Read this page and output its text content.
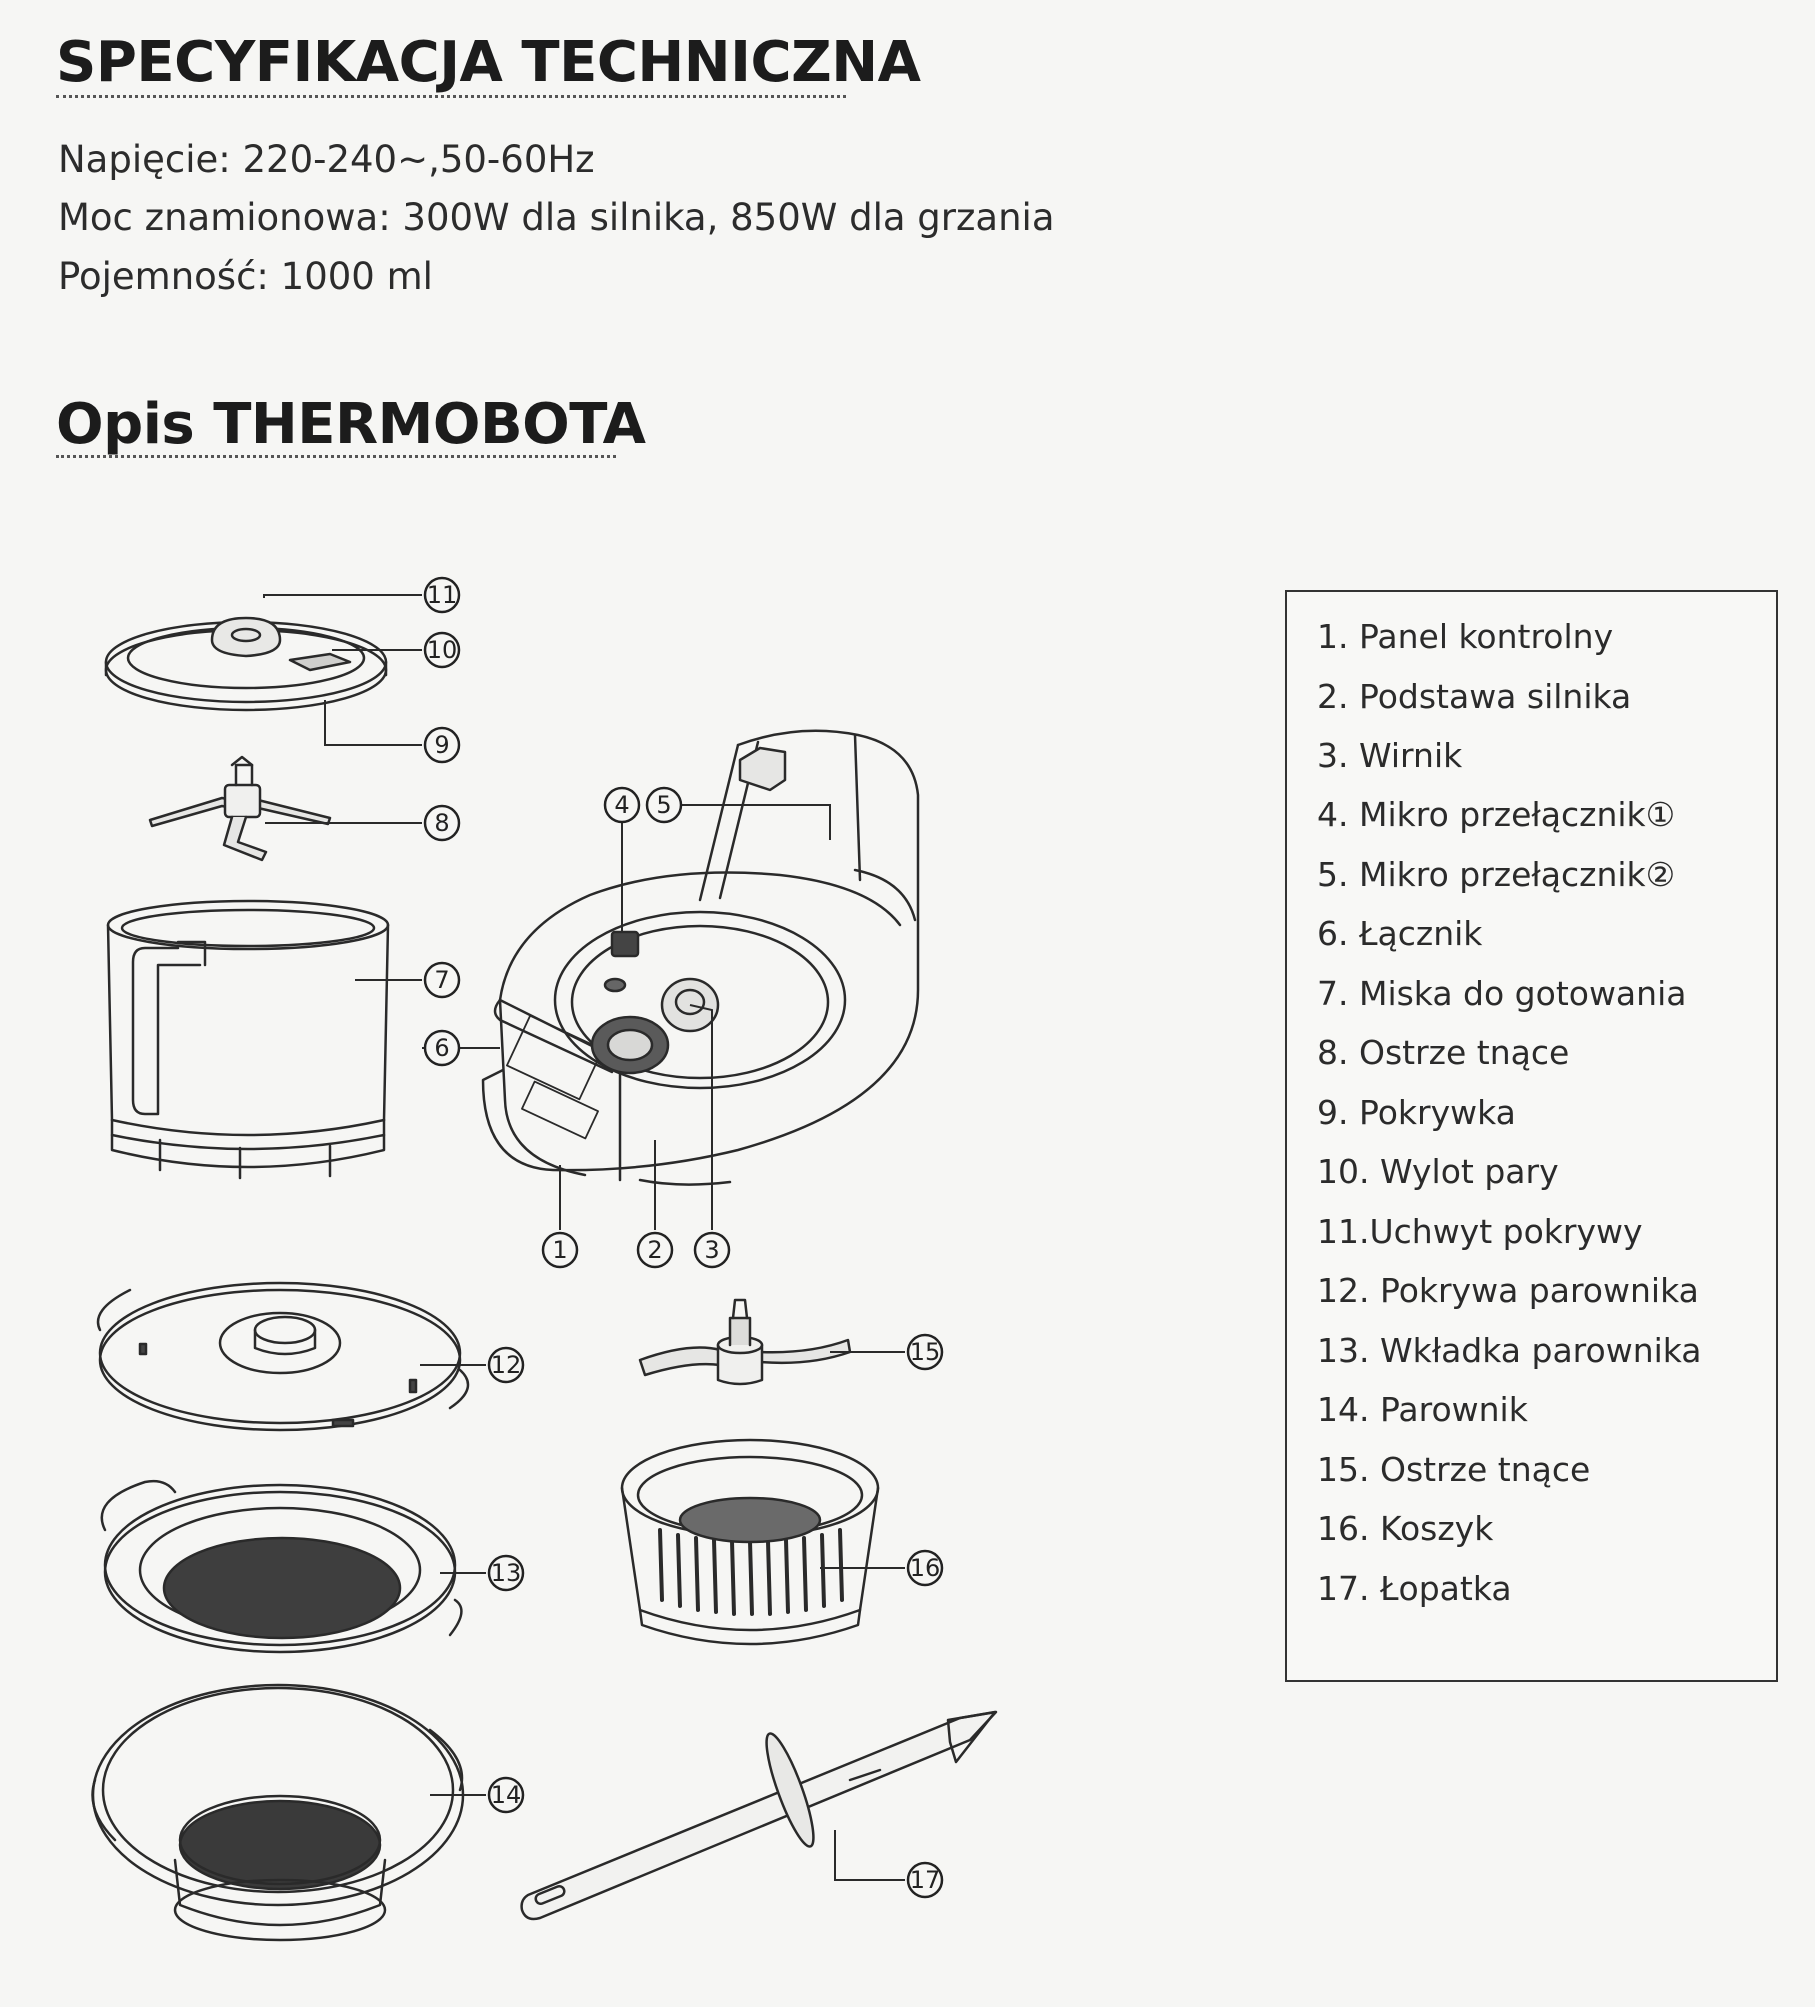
SPECYFIKACJA TECHNICZNA
Napięcie: 220-240~,50-60Hz
Moc znamionowa: 300W dla silnika, 850W dla grzania
Pojemność: 1000 ml
Opis THERMOBOTA
11
10
9
8
7
6
4 5
1	2 3
12
13
14
15
16
17
1. Panel kontrolny
2. Podstawa silnika
3. Wirnik
4. Mikro przełącznik①
5. Mikro przełącznik②
6. Łącznik
7. Miska do gotowania
8. Ostrze tnące
9. Pokrywka
10. Wylot pary
11.Uchwyt pokrywy
12. Pokrywa parownika
13. Wkładka parownika
14. Parownik
15. Ostrze tnące
16. Koszyk
17. Łopatka
